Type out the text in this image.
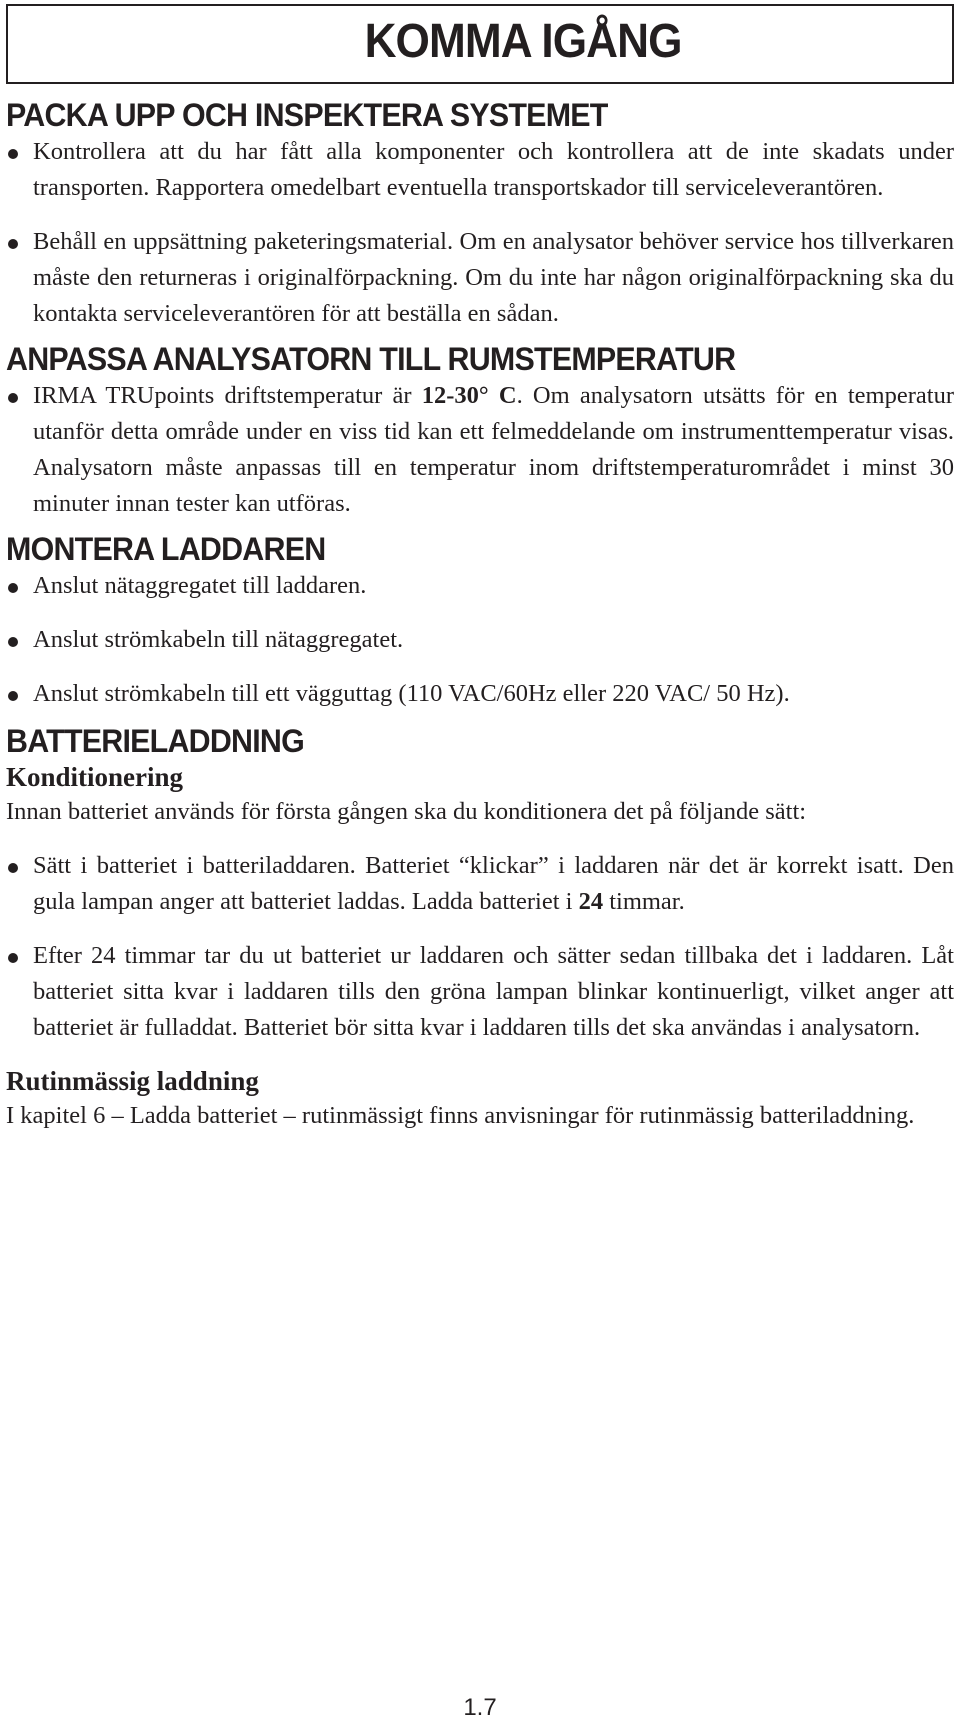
KOMMA IGÅNG
PACKA UPP OCH INSPEKTERA SYSTEMET

Kontrollera att du har fått alla komponenter och kontrollera att de inte skadats under transporten. Rapportera omedelbart eventuella transportskador till serviceleverantören.

Behåll en uppsättning paketeringsmaterial. Om en analysator behöver service hos tillverkaren måste den returneras i originalförpackning. Om du inte har någon originalförpackning ska du kontakta serviceleverantören för att beställa en sådan.

ANPASSA ANALYSATORN TILL RUMSTEMPERATUR

IRMA TRUpoints driftstemperatur är 12-30° C. Om analysatorn utsätts för en temperatur utanför detta område under en viss tid kan ett felmeddelande om instrumenttemperatur visas. Analysatorn måste anpassas till en temperatur inom driftstemperaturområdet i minst 30 minuter innan tester kan utföras.

MONTERA LADDAREN

Anslut nätaggregatet till laddaren.

Anslut strömkabeln till nätaggregatet.

Anslut strömkabeln till ett vägguttag (110 VAC/60Hz eller 220 VAC/ 50 Hz).

BATTERIELADDNING
Konditionering

Innan batteriet används för första gången ska du konditionera det på följande sätt:

Sätt i batteriet i batteriladdaren. Batteriet “klickar” i laddaren när det är korrekt isatt. Den gula lampan anger att batteriet laddas. Ladda batteriet i 24 timmar.

Efter 24 timmar tar du ut batteriet ur laddaren och sätter sedan tillbaka det i laddaren. Låt batteriet sitta kvar i laddaren tills den gröna lampan blinkar kontinuerligt, vilket anger att batteriet är fulladdat. Batteriet bör sitta kvar i laddaren tills det ska användas i analysatorn.

Rutinmässig laddning

I kapitel 6 – Ladda batteriet – rutinmässigt finns anvisningar för rutinmässig batteriladdning.

1.7
